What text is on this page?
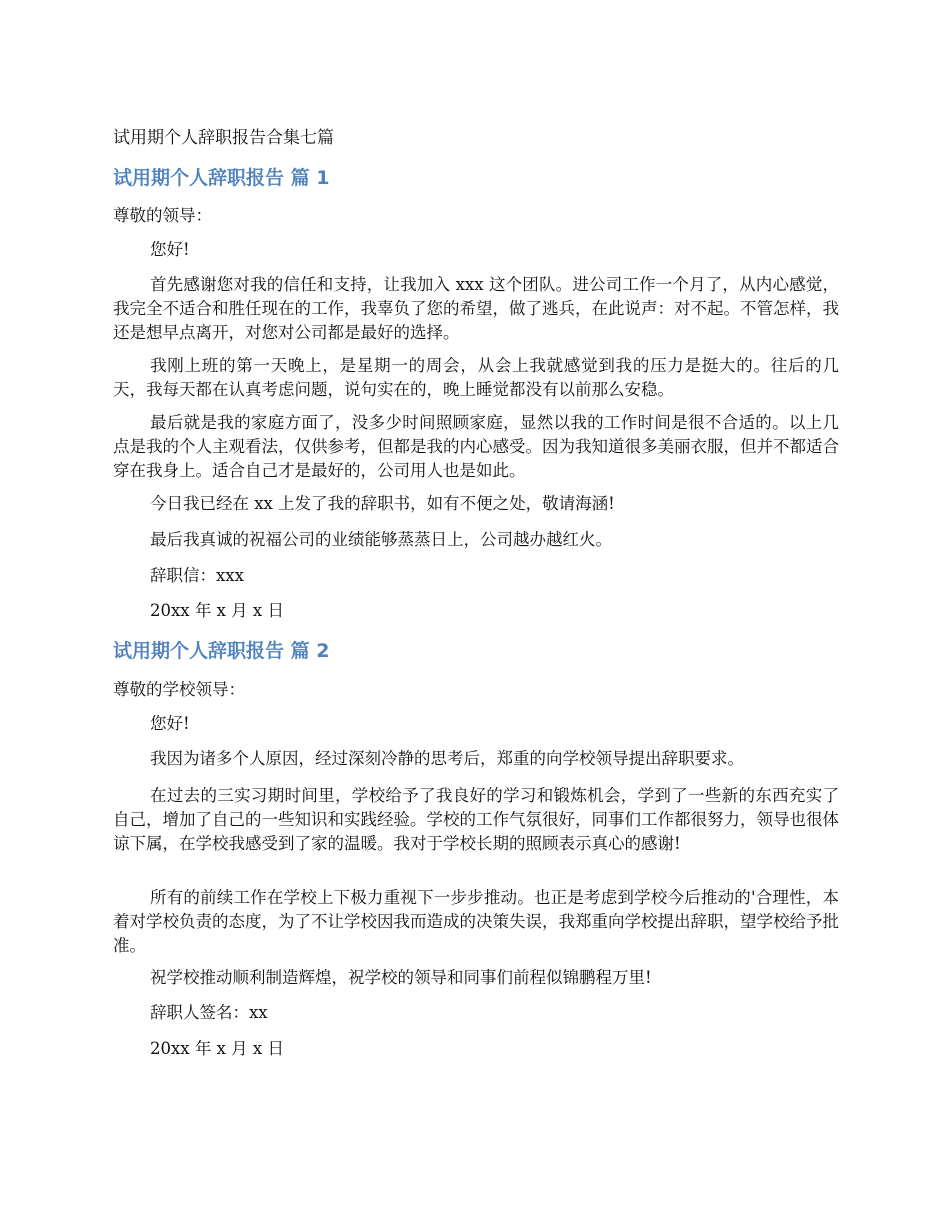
试用期个人辞职报告合集七篇

试用期个人辞职报告 篇 1

尊敬的领导：

您好!

首先感谢您对我的信任和支持，让我加入 xxx 这个团队。进公司工作一个月了，从内心感觉，我完全不适合和胜任现在的工作，我辜负了您的希望，做了逃兵，在此说声：对不起。不管怎样，我还是想早点离开，对您对公司都是最好的选择。

我刚上班的第一天晚上，是星期一的周会，从会上我就感觉到我的压力是挺大的。往后的几天，我每天都在认真考虑问题，说句实在的，晚上睡觉都没有以前那么安稳。

最后就是我的家庭方面了，没多少时间照顾家庭，显然以我的工作时间是很不合适的。以上几点是我的个人主观看法，仅供参考，但都是我的内心感受。因为我知道很多美丽衣服，但并不都适合穿在我身上。适合自己才是最好的，公司用人也是如此。

今日我已经在 xx 上发了我的辞职书，如有不便之处，敬请海涵!

最后我真诚的祝福公司的业绩能够蒸蒸日上，公司越办越红火。

辞职信：xxx

20xx 年 x 月 x 日

试用期个人辞职报告 篇 2

尊敬的学校领导：

您好!

我因为诸多个人原因，经过深刻冷静的思考后，郑重的向学校领导提出辞职要求。

在过去的三实习期时间里，学校给予了我良好的学习和锻炼机会，学到了一些新的东西充实了自己，增加了自己的一些知识和实践经验。学校的工作气氛很好，同事们工作都很努力，领导也很体谅下属，在学校我感受到了家的温暖。我对于学校长期的照顾表示真心的感谢!

所有的前续工作在学校上下极力重视下一步步推动。也正是考虑到学校今后推动的'合理性，本着对学校负责的态度，为了不让学校因我而造成的决策失误，我郑重向学校提出辞职，望学校给予批准。

祝学校推动顺利制造辉煌，祝学校的领导和同事们前程似锦鹏程万里!

辞职人签名：xx

20xx 年 x 月 x 日
